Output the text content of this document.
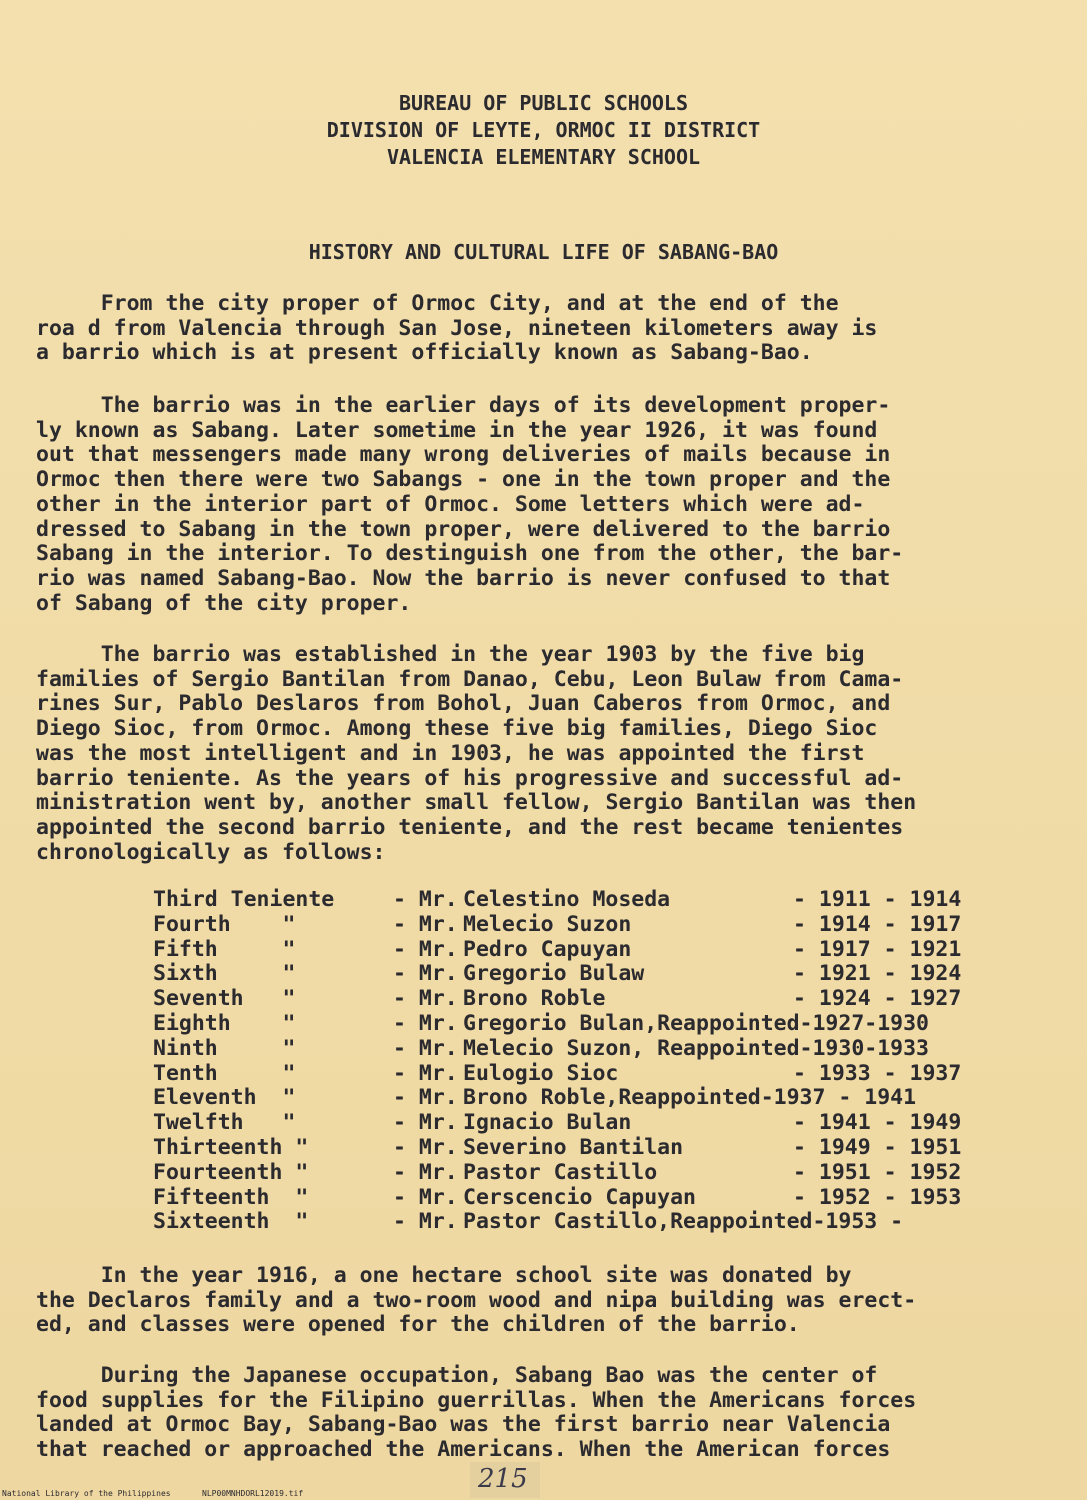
BUREAU OF PUBLIC SCHOOLS
DIVISION OF LEYTE, ORMOC II DISTRICT
VALENCIA ELEMENTARY SCHOOL
HISTORY AND CULTURAL LIFE OF SABANG-BAO
From the city proper of Ormoc City, and at the end of the
roa d from Valencia through San Jose, nineteen kilometers away is
a barrio which is at present officially known as Sabang-Bao.
The barrio was in the earlier days of its development proper-
ly known as Sabang. Later sometime in the year 1926, it was found
out that messengers made many wrong deliveries of mails because in
Ormoc then there were two Sabangs - one in the town proper and the
other in the interior part of Ormoc. Some letters which were ad-
dressed to Sabang in the town proper, were delivered to the barrio
Sabang in the interior. To destinguish one from the other, the bar-
rio was named Sabang-Bao. Now the barrio is never confused to that
of Sabang of the city proper.
The barrio was established in the year 1903 by the five big
families of Sergio Bantilan from Danao, Cebu, Leon Bulaw from Cama-
rines Sur, Pablo Deslaros from Bohol, Juan Caberos from Ormoc, and
Diego Sioc, from Ormoc. Among these five big families, Diego Sioc
was the most intelligent and in 1903, he was appointed the first
barrio teniente. As the years of his progressive and successful ad-
ministration went by, another small fellow, Sergio Bantilan was then
appointed the second barrio teniente, and the rest became tenientes
chronologically as follows:
Third Teniente	- Mr. Celestino Moseda	- 1911 - 1914
Fourth    "	- Mr. Melecio Suzon	- 1914 - 1917
Fifth     "	- Mr. Pedro Capuyan	- 1917 - 1921
Sixth     "	- Mr. Gregorio Bulaw	- 1921 - 1924
Seventh   "	- Mr. Brono Roble	- 1924 - 1927
Eighth    "	- Mr. Gregorio Bulan,Reappointed-1927-1930
Ninth     "	- Mr. Melecio Suzon, Reappointed-1930-1933
Tenth     "	- Mr. Eulogio Sioc	- 1933 - 1937
Eleventh  "	- Mr. Brono Roble,Reappointed-1937 - 1941
Twelfth   "	- Mr. Ignacio Bulan	- 1941 - 1949
Thirteenth "	- Mr. Severino Bantilan	- 1949 - 1951
Fourteenth "	- Mr. Pastor Castillo	- 1951 - 1952
Fifteenth  "	- Mr. Cerscencio Capuyan	- 1952 - 1953
Sixteenth  "	- Mr. Pastor Castillo,Reappointed-1953 -
In the year 1916, a one hectare school site was donated by
the Declaros family and a two-room wood and nipa building was erect-
ed, and classes were opened for the children of the barrio.
During the Japanese occupation, Sabang Bao was the center of
food supplies for the Filipino guerrillas. When the Americans forces
landed at Ormoc Bay, Sabang-Bao was the first barrio near Valencia
that reached or approached the Americans. When the American forces
215
National Library of the Philippines	NLP00MNHDORL12019.tif
